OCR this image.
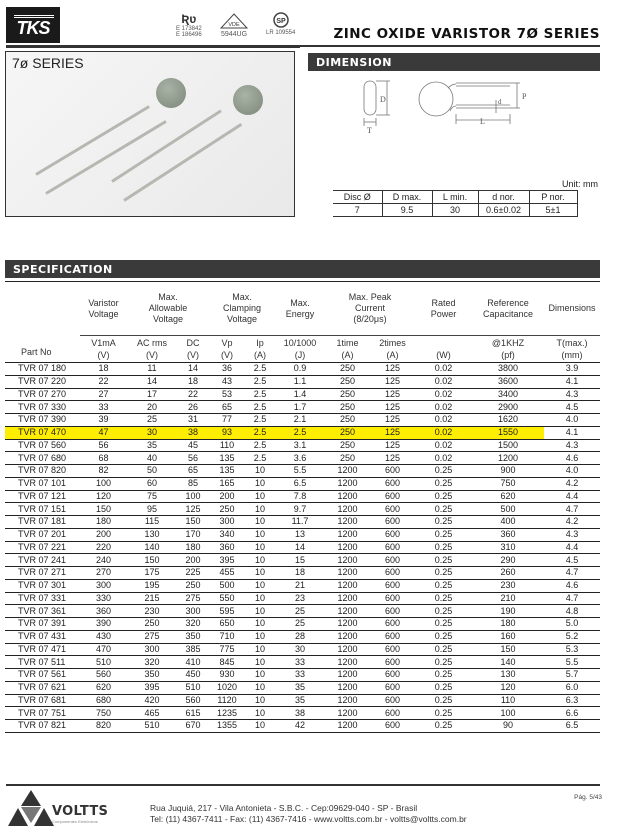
TKS	Ʀʋ
E 173842
E 186496
VDE
5944UG
SP
LR 109554	ZINC OXIDE VARISTOR 7Ø SERIES
7ø SERIES	DIMENSION
D
T
P
d
L
Unit: mm
Disc Ø	D max.	L min.	d nor.	P nor.
7	9.5	30	0.6±0.02	5±1
SPECIFICATION
Part No	Varistor Voltage	Max. Allowable Voltage		Max. Clamping Voltage		Max. Energy	Max. Peak Current (8/20μs)		Rated Power	Reference Capacitance	Dimensions
	V1mA	AC rms	DC	Vp	Ip	10/1000	1time	2times		@1KHZ	T(max.)
	(V)	(V)	(V)	(V)	(A)	(J)	(A)	(A)	(W)	(pf)	(mm)
TVR 07 180	18	11	14	36	2.5	0.9	250	125	0.02	3800	3.9
TVR 07 220	22	14	18	43	2.5	1.1	250	125	0.02	3600	4.1
TVR 07 270	27	17	22	53	2.5	1.4	250	125	0.02	3400	4.3
TVR 07 330	33	20	26	65	2.5	1.7	250	125	0.02	2900	4.5
TVR 07 390	39	25	31	77	2.5	2.1	250	125	0.02	1620	4.0
TVR 07 470	47	30	38	93	2.5	2.5	250	125	0.02	1550	4.1
TVR 07 560	56	35	45	110	2.5	3.1	250	125	0.02	1500	4.3
TVR 07 680	68	40	56	135	2.5	3.6	250	125	0.02	1200	4.6
TVR 07 820	82	50	65	135	10	5.5	1200	600	0.25	900	4.0
TVR 07 101	100	60	85	165	10	6.5	1200	600	0.25	750	4.2
TVR 07 121	120	75	100	200	10	7.8	1200	600	0.25	620	4.4
TVR 07 151	150	95	125	250	10	9.7	1200	600	0.25	500	4.7
TVR 07 181	180	115	150	300	10	11.7	1200	600	0.25	400	4.2
TVR 07 201	200	130	170	340	10	13	1200	600	0.25	360	4.3
TVR 07 221	220	140	180	360	10	14	1200	600	0.25	310	4.4
TVR 07 241	240	150	200	395	10	15	1200	600	0.25	290	4.5
TVR 07 271	270	175	225	455	10	18	1200	600	0.25	260	4.7
TVR 07 301	300	195	250	500	10	21	1200	600	0.25	230	4.6
TVR 07 331	330	215	275	550	10	23	1200	600	0.25	210	4.7
TVR 07 361	360	230	300	595	10	25	1200	600	0.25	190	4.8
TVR 07 391	390	250	320	650	10	25	1200	600	0.25	180	5.0
TVR 07 431	430	275	350	710	10	28	1200	600	0.25	160	5.2
TVR 07 471	470	300	385	775	10	30	1200	600	0.25	150	5.3
TVR 07 511	510	320	410	845	10	33	1200	600	0.25	140	5.5
TVR 07 561	560	350	450	930	10	33	1200	600	0.25	130	5.7
TVR 07 621	620	395	510	1020	10	35	1200	600	0.25	120	6.0
TVR 07 681	680	420	560	1120	10	35	1200	600	0.25	110	6.3
TVR 07 751	750	465	615	1235	10	38	1200	600	0.25	100	6.6
TVR 07 821	820	510	670	1355	10	42	1200	600	0.25	90	6.5
VOLTTS
Componentes Eletrônicos
Rua Juquiá, 217 - Vila Antonieta - S.B.C. - Cep:09629-040 - SP - Brasil
Tel: (11) 4367-7411 - Fax: (11) 4367-7416 - www.voltts.com.br - voltts@voltts.com.br
Pág. 5/43
